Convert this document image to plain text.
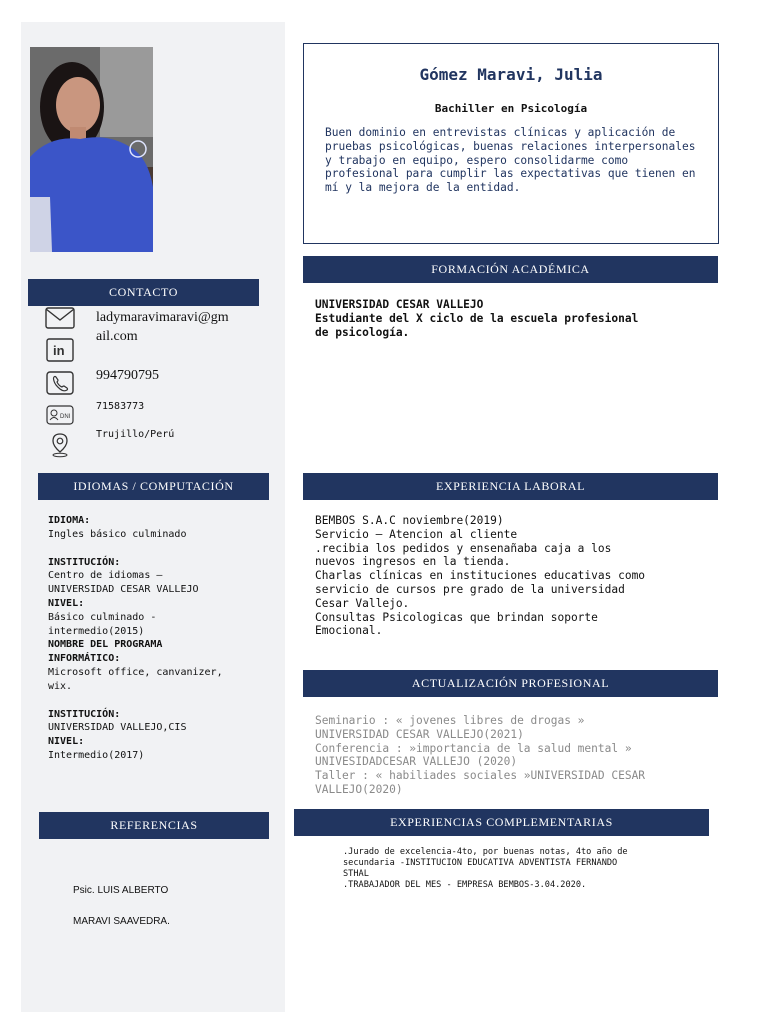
Gómez Maravi, Julia
Bachiller en Psicología
Buen dominio en entrevistas clínicas y aplicación de pruebas psicológicas, buenas relaciones interpersonales y trabajo en equipo, espero consolidarme como profesional para cumplir las expectativas que tienen en mí y la mejora de la entidad.
CONTACTO
ladymaravimaravi@gm
ail.com
in
994790795
DNI
71583773
Trujillo/Perú
IDIOMAS / COMPUTACIÓN
IDIOMA:
Ingles básico culminado
INSTITUCIÓN:
Centro de idiomas –
UNIVERSIDAD CESAR VALLEJO
NIVEL:
Básico culminado -
intermedio(2015)
NOMBRE DEL PROGRAMA
INFORMÁTICO:
Microsoft office, canvanizer,
wix.
INSTITUCIÓN:
UNIVERSIDAD VALLEJO,CIS
NIVEL:
Intermedio(2017)
REFERENCIAS
Psic. LUIS ALBERTO
MARAVI SAAVEDRA.
FORMACIÓN ACADÉMICA
UNIVERSIDAD CESAR VALLEJO
Estudiante del X ciclo de la escuela profesional
de psicología.
EXPERIENCIA LABORAL
BEMBOS S.A.C noviembre(2019)
Servicio – Atencion al cliente
.recibia los pedidos y ensenañaba caja a los
nuevos ingresos en la tienda.
Charlas clínicas en instituciones educativas como
servicio de cursos pre grado de la universidad
Cesar Vallejo.
Consultas Psicologicas que brindan soporte
Emocional.
ACTUALIZACIÓN PROFESIONAL
Seminario : « jovenes libres de drogas »
UNIVERSIDAD CESAR VALLEJO(2021)
Conferencia : »importancia de la salud mental »
UNIVESIDADCESAR VALLEJO (2020)
Taller : « habiliades sociales »UNIVERSIDAD CESAR
VALLEJO(2020)
EXPERIENCIAS COMPLEMENTARIAS
.Jurado de excelencia-4to, por buenas notas, 4to año de
secundaria -INSTITUCION EDUCATIVA ADVENTISTA FERNANDO
STHAL
.TRABAJADOR DEL MES - EMPRESA BEMBOS-3.04.2020.
